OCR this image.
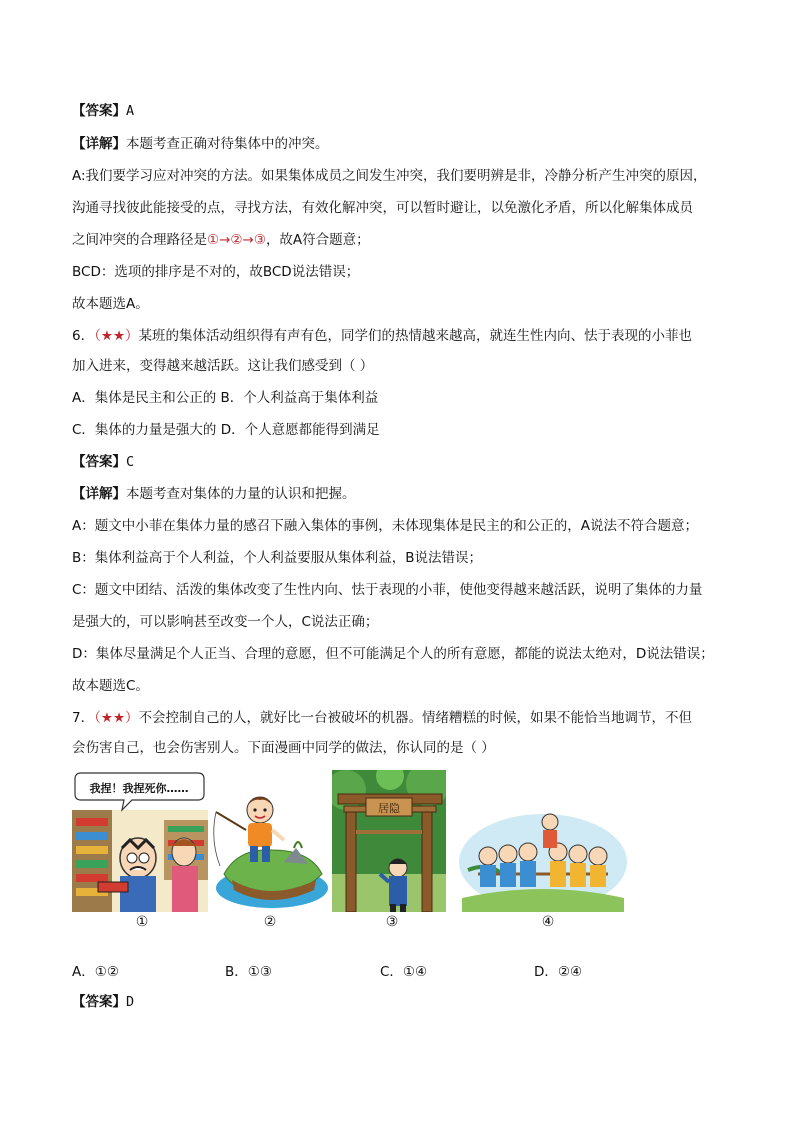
【答案】A
【详解】本题考查正确对待集体中的冲突。
A:我们要学习应对冲突的方法。如果集体成员之间发生冲突，我们要明辨是非，冷静分析产生冲突的原因，
沟通寻找彼此能接受的点，寻找方法，有效化解冲突，可以暂时避让，以免激化矛盾，所以化解集体成员
之间冲突的合理路径是①→②→③，故A符合题意；
BCD：选项的排序是不对的，故BCD说法错误；
故本题选A。
6．（★★）某班的集体活动组织得有声有色，同学们的热情越来越高，就连生性内向、怯于表现的小菲也
加入进来，变得越来越活跃。这让我们感受到（ ）
A．集体是民主和公正的 B．个人利益高于集体利益
C．集体的力量是强大的 D．个人意愿都能得到满足
【答案】C
【详解】本题考查对集体的力量的认识和把握。
A：题文中小菲在集体力量的感召下融入集体的事例，未体现集体是民主的和公正的，A说法不符合题意；
B：集体利益高于个人利益，个人利益要服从集体利益，B说法错误；
C：题文中团结、活泼的集体改变了生性内向、怯于表现的小菲，使他变得越来越活跃，说明了集体的力量
是强大的，可以影响甚至改变一个人，C说法正确；
D：集体尽量满足个人正当、合理的意愿，但不可能满足个人的所有意愿，都能的说法太绝对，D说法错误；
故本题选C。
7．（★★）不会控制自己的人，就好比一台被破坏的机器。情绪糟糕的时候，如果不能恰当地调节，不但
会伤害自己，也会伤害别人。下面漫画中同学的做法，你认同的是（ ）
我捏！我捏死你……
居隐
①	②	③	④
A．①②	B．①③	C．①④	D．②④
【答案】D
